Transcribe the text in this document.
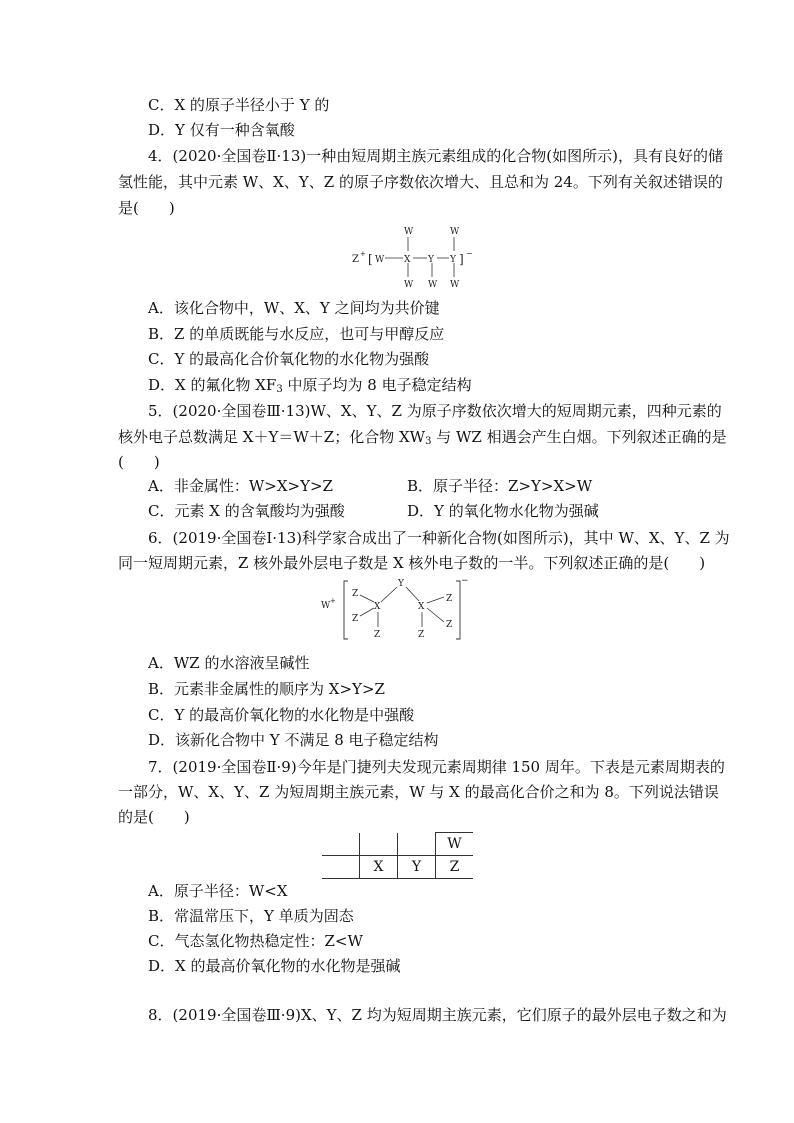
C．X 的原子半径小于 Y 的
D．Y 仅有一种含氧酸
4．(2020·全国卷Ⅱ·13)一种由短周期主族元素组成的化合物(如图所示)，具有良好的储
氢性能，其中元素 W、X、Y、Z 的原子序数依次增大、且总和为 24。下列有关叙述错误的
是(　　)
Z + [ W X Y Y ] −
W	W
W W W
A．该化合物中，W、X、Y 之间均为共价键
B．Z 的单质既能与水反应，也可与甲醇反应
C．Y 的最高化合价氧化物的水化物为强酸
D．X 的氟化物 $XF_3$ 中原子均为 8 电子稳定结构
5．(2020·全国卷Ⅲ·13)W、X、Y、Z 为原子序数依次增大的短周期元素，四种元素的
核外电子总数满足 X＋Y＝W＋Z；化合物 $XW_3$ 与 WZ 相遇会产生白烟。下列叙述正确的是
(　　)
A．非金属性：W>X>Y>Z	B．原子半径：Z>Y>X>W
C．元素 X 的含氧酸均为强酸	D．Y 的氧化物水化物为强碱
6．(2019·全国卷Ⅰ·13)科学家合成出了一种新化合物(如图所示)，其中 W、X、Y、Z 为
同一短周期元素，Z 核外最外层电子数是 X 核外电子数的一半。下列叙述正确的是(　　)
W +
−
Y
X	X
Z
Z
Z
Z
Z
Z
A．WZ 的水溶液呈碱性
B．元素非金属性的顺序为 X>Y>Z
C．Y 的最高价氧化物的水化物是中强酸
D．该新化合物中 Y 不满足 8 电子稳定结构
7．(2019·全国卷Ⅱ·9)今年是门捷列夫发现元素周期律 150 周年。下表是元素周期表的
一部分，W、X、Y、Z 为短周期主族元素，W 与 X 的最高化合价之和为 8。下列说法错误
的是(　　)
			W
	X	Y	Z
A．原子半径：W<X
B．常温常压下，Y 单质为固态
C．气态氢化物热稳定性：Z<W
D．X 的最高价氧化物的水化物是强碱
8．(2019·全国卷Ⅲ·9)X、Y、Z 均为短周期主族元素，它们原子的最外层电子数之和为
